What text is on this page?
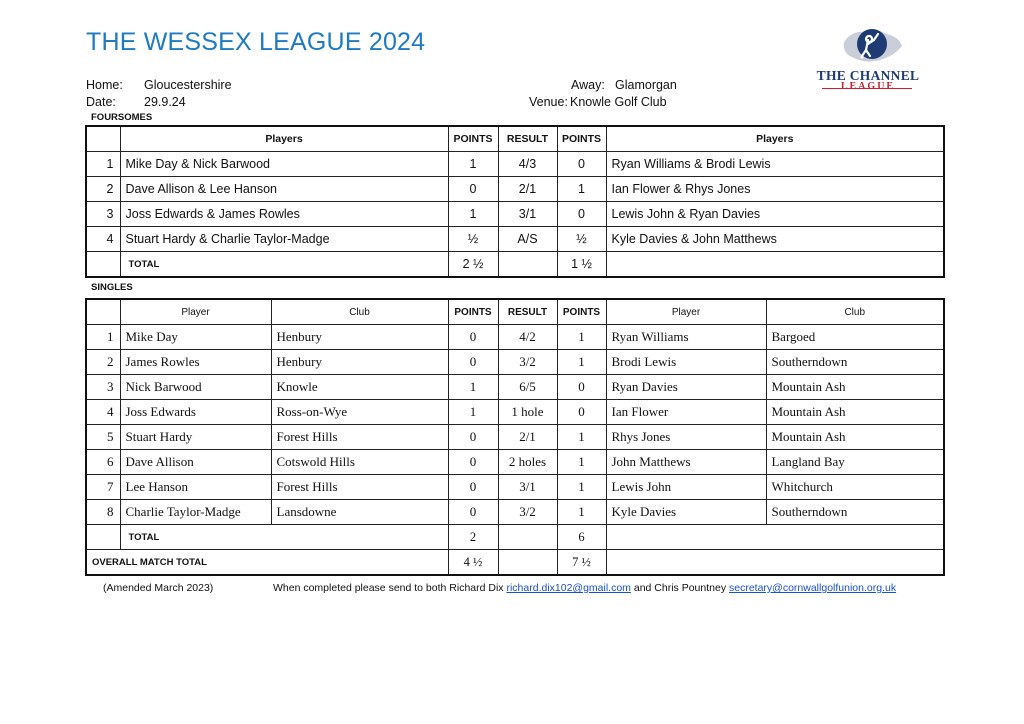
THE WESSEX LEAGUE 2024
THE CHANNEL
LEAGUE
Home: Gloucestershire
Date: 29.9.24
Away: Glamorgan
Venue: Knowle Golf Club
FOURSOMES
	Players	POINTS	RESULT	POINTS	Players
1	Mike Day & Nick Barwood	1	4/3	0	Ryan Williams & Brodi Lewis
2	Dave Allison & Lee Hanson	0	2/1	1	Ian Flower & Rhys Jones
3	Joss Edwards & James Rowles	1	3/1	0	Lewis John & Ryan Davies
4	Stuart Hardy & Charlie Taylor-Madge	½	A/S	½	Kyle Davies & John Matthews
	TOTAL	2 ½		1 ½	
SINGLES
	Player	Club	POINTS	RESULT	POINTS	Player	Club
1	Mike Day	Henbury	0	4/2	1	Ryan Williams	Bargoed
2	James Rowles	Henbury	0	3/2	1	Brodi Lewis	Southerndown
3	Nick Barwood	Knowle	1	6/5	0	Ryan Davies	Mountain Ash
4	Joss Edwards	Ross-on-Wye	1	1 hole	0	Ian Flower	Mountain Ash
5	Stuart Hardy	Forest Hills	0	2/1	1	Rhys Jones	Mountain Ash
6	Dave Allison	Cotswold Hills	0	2 holes	1	John Matthews	Langland Bay
7	Lee Hanson	Forest Hills	0	3/1	1	Lewis John	Whitchurch
8	Charlie Taylor-Madge	Lansdowne	0	3/2	1	Kyle Davies	Southerndown
	TOTAL		2		6		
OVERALL MATCH TOTAL			4 ½		7 ½		
(Amended March 2023)	When completed please send to both Richard Dix richard.dix102@gmail.com and Chris Pountney secretary@cornwallgolfunion.org.uk
